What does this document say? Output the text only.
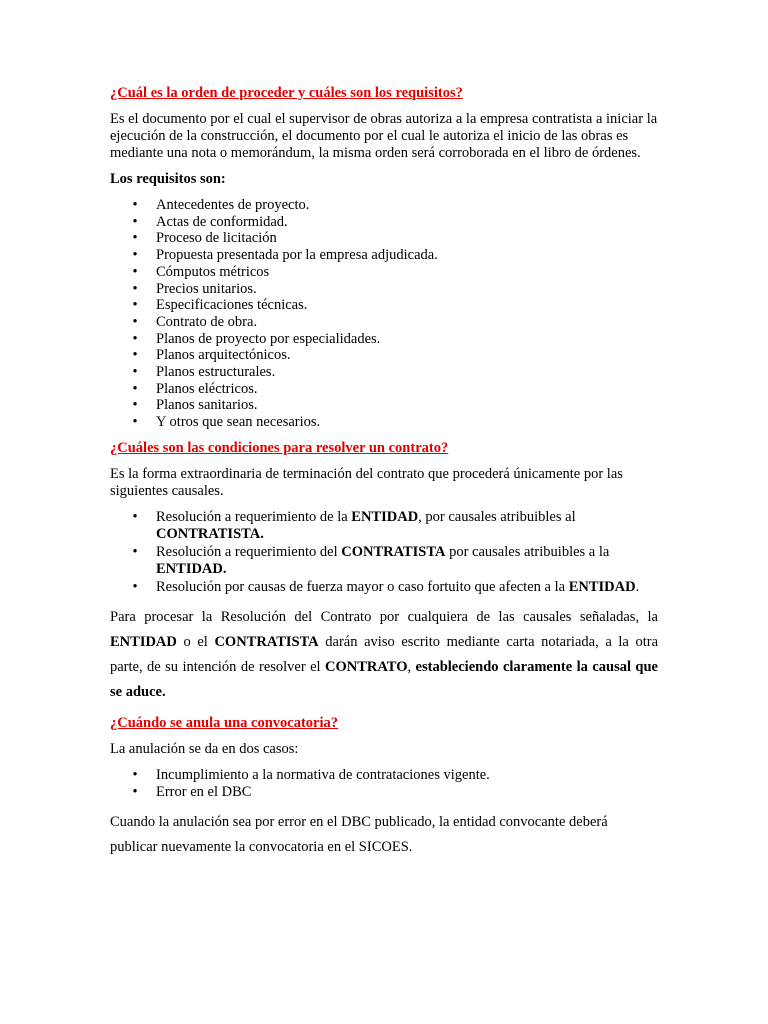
¿Cuál es la orden de proceder y cuáles son los requisitos?

Es el documento por el cual el supervisor de obras autoriza a la empresa contratista a iniciar la ejecución de la construcción, el documento por el cual le autoriza el inicio de las obras es mediante una nota o memorándum, la misma orden será corroborada en el libro de órdenes.

Los requisitos son:

• Antecedentes de proyecto.
• Actas de conformidad.
• Proceso de licitación
• Propuesta presentada por la empresa adjudicada.
• Cómputos métricos
• Precios unitarios.
• Especificaciones técnicas.
• Contrato de obra.
• Planos de proyecto por especialidades.
• Planos arquitectónicos.
• Planos estructurales.
• Planos eléctricos.
• Planos sanitarios.
• Y otros que sean necesarios.

¿Cuáles son las condiciones para resolver un contrato?

Es la forma extraordinaria de terminación del contrato que procederá únicamente por las siguientes causales.

• Resolución a requerimiento de la ENTIDAD, por causales atribuibles al CONTRATISTA.
• Resolución a requerimiento del CONTRATISTA por causales atribuibles a la ENTIDAD.
• Resolución por causas de fuerza mayor o caso fortuito que afecten a la ENTIDAD.

Para procesar la Resolución del Contrato por cualquiera de las causales señaladas, la ENTIDAD o el CONTRATISTA darán aviso escrito mediante carta notariada, a la otra parte, de su intención de resolver el CONTRATO, estableciendo claramente la causal que se aduce.

¿Cuándo se anula una convocatoria?

La anulación se da en dos casos:

• Incumplimiento a la normativa de contrataciones vigente.
• Error en el DBC

Cuando la anulación sea por error en el DBC publicado, la entidad convocante deberá publicar nuevamente la convocatoria en el SICOES.
